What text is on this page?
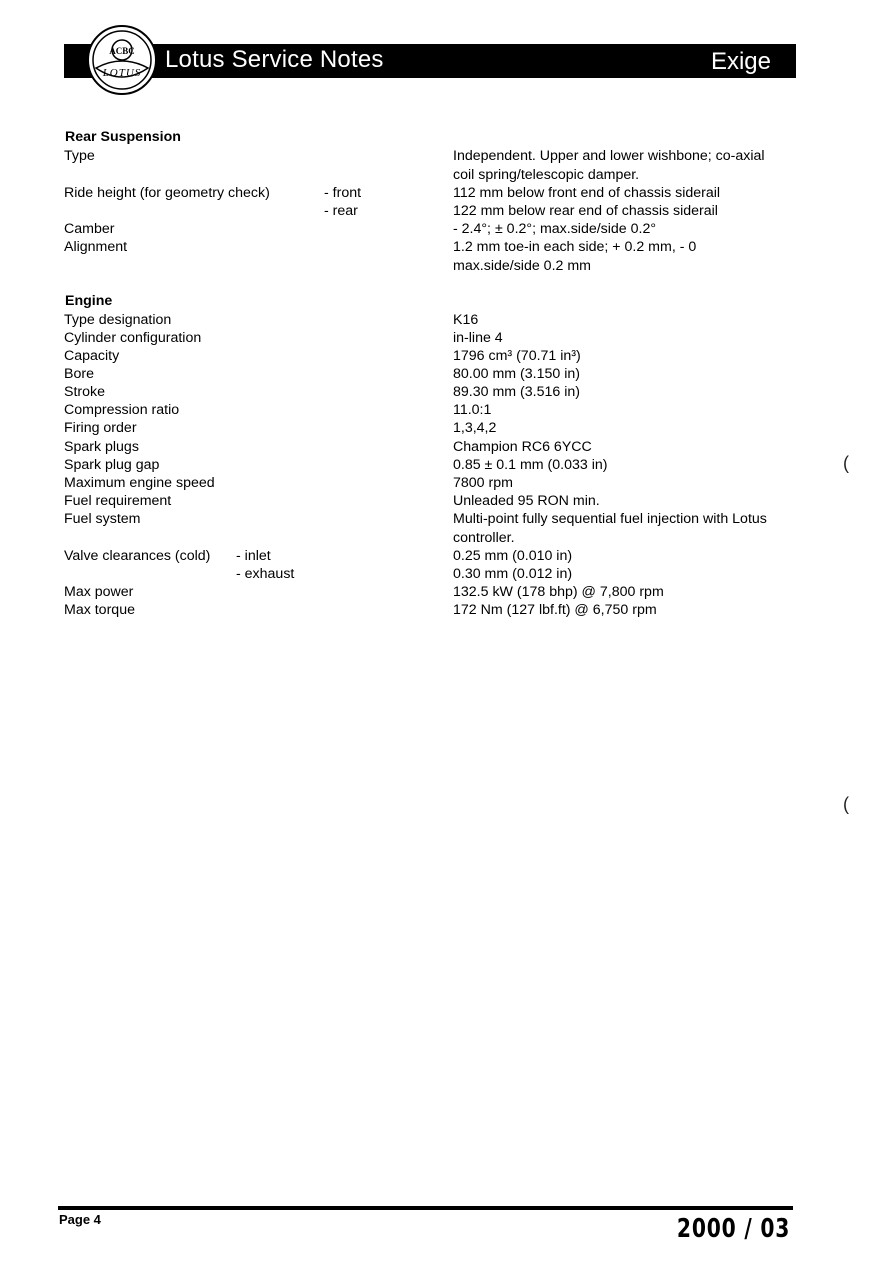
ACBC
LOTUS Lotus Service Notes	Exige
Rear Suspension
Type	Independent. Upper and lower wishbone; co-axial
coil spring/telescopic damper.
Ride height (for geometry check)	- front	112 mm below front end of chassis siderail
- rear	122 mm below rear end of chassis siderail
Camber	- 2.4°; ± 0.2°; max.side/side 0.2°
Alignment	1.2 mm toe-in each side; + 0.2 mm, - 0
max.side/side 0.2 mm
Engine
Type designation	K16
Cylinder configuration	in-line 4
Capacity	1796 cm³ (70.71 in³)
Bore	80.00 mm (3.150 in)
Stroke	89.30 mm (3.516 in)
Compression ratio	11.0:1
Firing order	1,3,4,2
Spark plugs	Champion RC6 6YCC
Spark plug gap	0.85 ± 0.1 mm (0.033 in)
Maximum engine speed	7800 rpm
Fuel requirement	Unleaded 95 RON min.
Fuel system	Multi-point fully sequential fuel injection with Lotus
controller.
Valve clearances (cold) - inlet	0.25 mm (0.010 in)
- exhaust	0.30 mm (0.012 in)
Max power	132.5 kW (178 bhp) @ 7,800 rpm
Max torque	172 Nm (127 lbf.ft) @ 6,750 rpm
(
(
Page 4	2000 / 03
